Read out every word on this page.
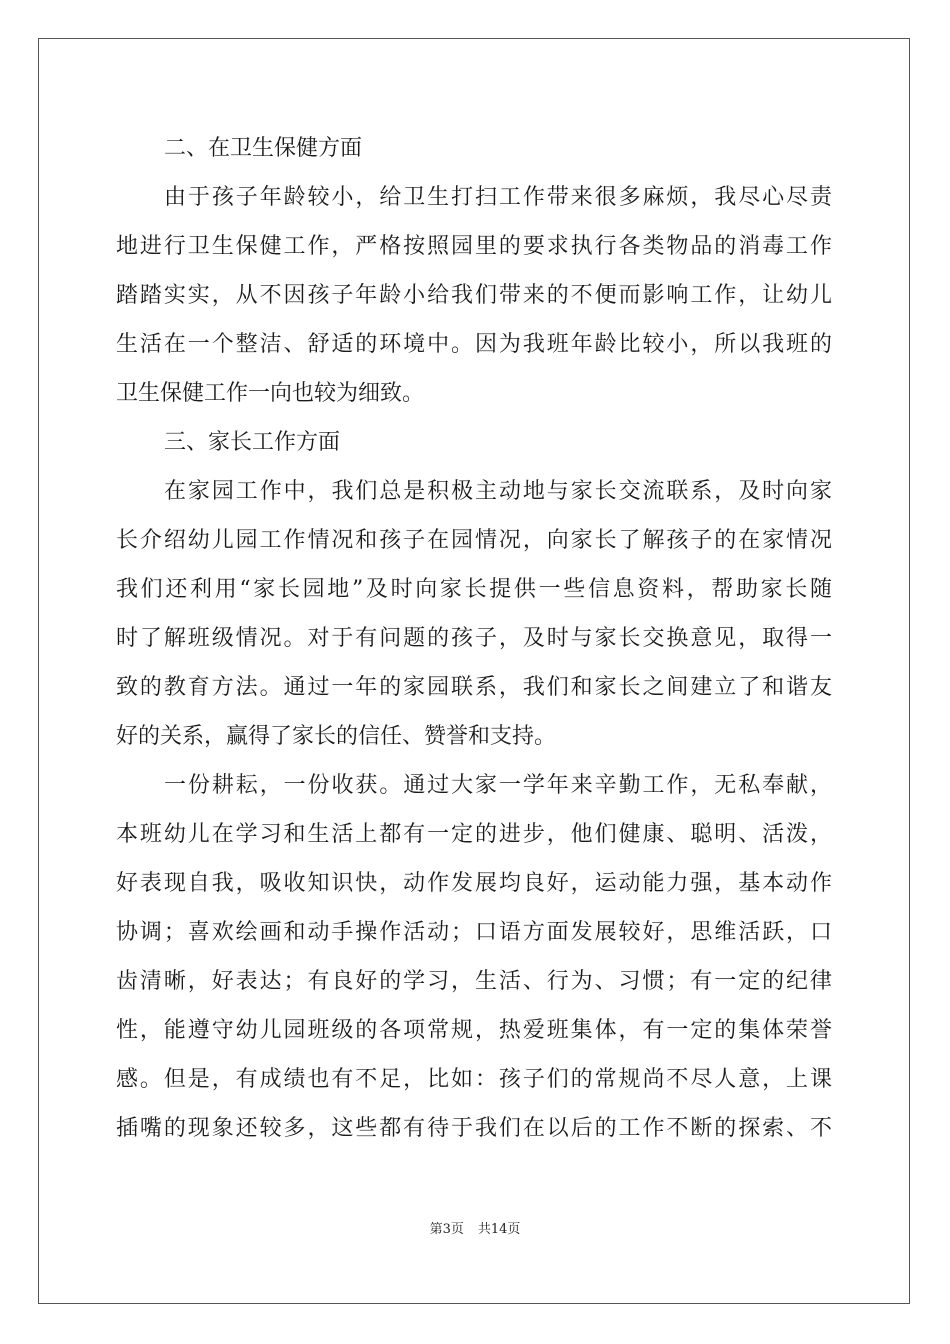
二、在卫生保健方面
由于孩子年龄较小，给卫生打扫工作带来很多麻烦，我尽心尽责
地进行卫生保健工作，严格按照园里的要求执行各类物品的消毒工作
踏踏实实，从不因孩子年龄小给我们带来的不便而影响工作，让幼儿
生活在一个整洁、舒适的环境中。因为我班年龄比较小，所以我班的
卫生保健工作一向也较为细致。
三、家长工作方面
在家园工作中，我们总是积极主动地与家长交流联系，及时向家
长介绍幼儿园工作情况和孩子在园情况，向家长了解孩子的在家情况
我们还利用“家长园地”及时向家长提供一些信息资料，帮助家长随
时了解班级情况。对于有问题的孩子，及时与家长交换意见，取得一
致的教育方法。通过一年的家园联系，我们和家长之间建立了和谐友
好的关系，赢得了家长的信任、赞誉和支持。
一份耕耘，一份收获。通过大家一学年来辛勤工作，无私奉献，
本班幼儿在学习和生活上都有一定的进步，他们健康、聪明、活泼，
好表现自我，吸收知识快，动作发展均良好，运动能力强，基本动作
协调；喜欢绘画和动手操作活动；口语方面发展较好，思维活跃，口
齿清晰，好表达；有良好的学习，生活、行为、习惯；有一定的纪律
性，能遵守幼儿园班级的各项常规，热爱班集体，有一定的集体荣誉
感。但是，有成绩也有不足，比如：孩子们的常规尚不尽人意，上课
插嘴的现象还较多，这些都有待于我们在以后的工作不断的探索、不
第3页 共14页
